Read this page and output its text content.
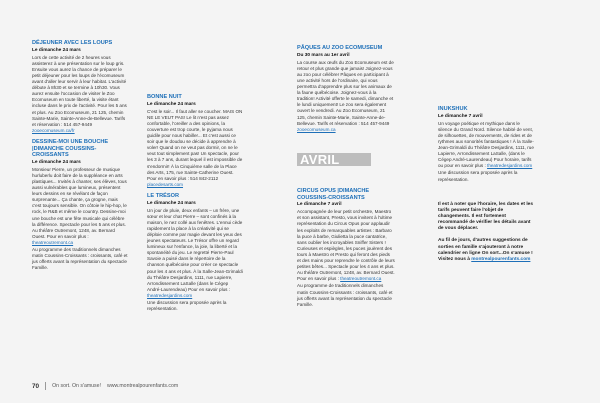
DÉJEUNER AVEC LES LOUPS

Le dimanche 24 mars

Lors de cette activité de 2 heures vous assisterez à une présentation sur le loup gris. Ensuite vous aurez la chance de préparer le petit déjeuner pour les loups de l'écomuseum avant d'aller leur servir à leur habitat. L'activité débute à 8h30 et se termine à 10h30. Vous aurez ensuite l'occasion de visiter le Zoo Ecomuseum en toute liberté, la visite étant incluse dans le prix de l'activité. Pour les 5 ans et plus. Au Zoo Ecomuseum, 21 125, chemin Sainte-Marie, Sainte-Anne-de-Bellevue. Tarifs et réservation : 514 457-9449 zooecomuseum.ca/fr

DESSINE-MOI UNE BOUCHE |DIMANCHE COUSSINS-CROISSANTS

Le dimanche 24 mars

Monsieur Pierre, un professeur de musique hurluberlu doit faire de la suppléance en arts plastiques... Invités à chanter, ses élèves, tous aussi vulnérables que lumineux, présentent leurs dessins en se révélant de façon surprenante... Ça chante, ça grogne, mais c'est toujours sensible. On côtoie le hip-hop, le rock, le R&B et même le country. Dessine-moi une bouche est une fête musicale qui célèbre la différence. Spectacle pour les 5 ans et plus. Au théâtre Outremont, 1248, av. Bernard Ouest. Pour en savoir plus : theatreoutremont.ca

Au programme des traditionnels dimanches matin Coussins-Croissants : croissants, café et jus offerts avant la représentation du spectacle Famille.

BONNE NUIT

Le dimanche 24 mars

C'est le soir... Il faut aller se coucher. MAIS ON NE LE VEUT PAS! Le lit n'est pas assez confortable, l'oreiller a des opinions, la couverture est trop courte, le pyjama nous guidile pour nous habiller... Et c'est aussi ce soir que le doudou se décide à apprendre à voler! Quand on ne veut pas dormir, on ne le veut tout simplement pas! Un spectacle, pour les 3 à 7 ans, durant lequel il est impossible de s'endormir! À la Cinquième salle de la Place des Arts, 175, rue Sainte-Catherine Ouest. Pour en savoir plus : 514 842-2112 placedesarts.com

LE TRÉSOR

Le dimanche 24 mars

Un jour de pluie, deux enfants – un frère, une sœur et leur chat Pierre – sont confinés à la maison, le nez collé aux fenêtres. L'ennui cède rapidement la place à la créativité qui se déploie comme par magie devant les yeux des jeunes spectateurs. Le Trésor offre un regard lumineux sur l'enfance, la joie, la liberté et la spontanéité du jeu. Le regretté Pierre-Paul Savoie a puisé dans le répertoire de la chanson québécoise pour créer ce spectacle pour les 4 ans et plus. À la Salle-Jean-Grimaldi du Théâtre Desjardins, 1111, rue Lapierre, Arrondissement LaSalle (dans le Cégep André-Laurendeau) Pour en savoir plus : theatredesjardins.com

Une discussion sera proposée après la représentation.

PÂQUES AU ZOO ECOMUSEUM

Du 30 mars au 1er avril

La course aux œufs du Zoo Ecomuseum est de retour et plus grande que jamais! Joignez-vous au zoo pour célébrer Pâques en participant à une activité hors de l'ordinaire, qui vous permettra d'apprendre plus sur les animaux de la faune québécoise. Joignez-vous à la tradition! Activité offerte le samedi, dimanche et le lundi uniquement! Le zoo sera également ouvert le vendredi. Au Zoo Ecomuseum, 21 125, chemin Sainte-Marie, Sainte-Anne-de-Bellevue. Tarifs et réservation : 514 457-9449 zooecomuseum.ca

AVRIL

CIRCUS OPUS |DIMANCHE COUSSINS-CROISSANTS

Le dimanche 7 avril

Accompagnée de leur petit orchestre, Maestro et son assistant, Presto, vous invitent à l'ultime représentation du Circus Opus pour applaudir les exploits de remarquables artistes : Barbaro la puce à barbe, Giulietta la puce cantatrice, sans oublier les incroyables Sniffer Sisters ! Curieuses et espiègles, les puces jouèrent des tours à Maestro et Presto qui feront des pieds et des mains pour reprendre le contrôle de leurs petites bêtes... Spectacle pour les 4 ans et plus. Au théâtre Outremont, 1248, av. Bernard Ouest. Pour en savoir plus : theatreoutremont.ca

Au programme de traditionnels dimanches matin Coussins-Croissants : croissants, café et jus offerts avant la représentation du spectacle Famille.

INUKSHUK

Le dimanche 7 avril

Un voyage poétique et mythique dans le silence du Grand Nord. Silence habité de vent, de silhouettes, de mouvements, de rides et de rythmes aux sonorités fantastiques ! À la Salle-Jean-Grimaldi du Théâtre Desjardins, 1111, rue Lapierre, Arrondissement LaSalle, (dans le Cégep André-Laurendeau) Pour horaire, tarifs ou pour en savoir plus : theatredesjardins.com

Une discussion sera proposée après la représentation.

Il est à noter que l'horaire, les dates et les tarifs peuvent faire l'objet de changements. Il est fortement recommandé de vérifier les détails avant de vous déplacer.

Au fil de jours, d'autres suggestions de sorties en famille s'ajouteront à notre calendrier en ligne On sort...On s'amuse ! Visitez nous à montrealpourenfants.com

70	On sort. On s'amuse! www.montrealpourenfants.com
